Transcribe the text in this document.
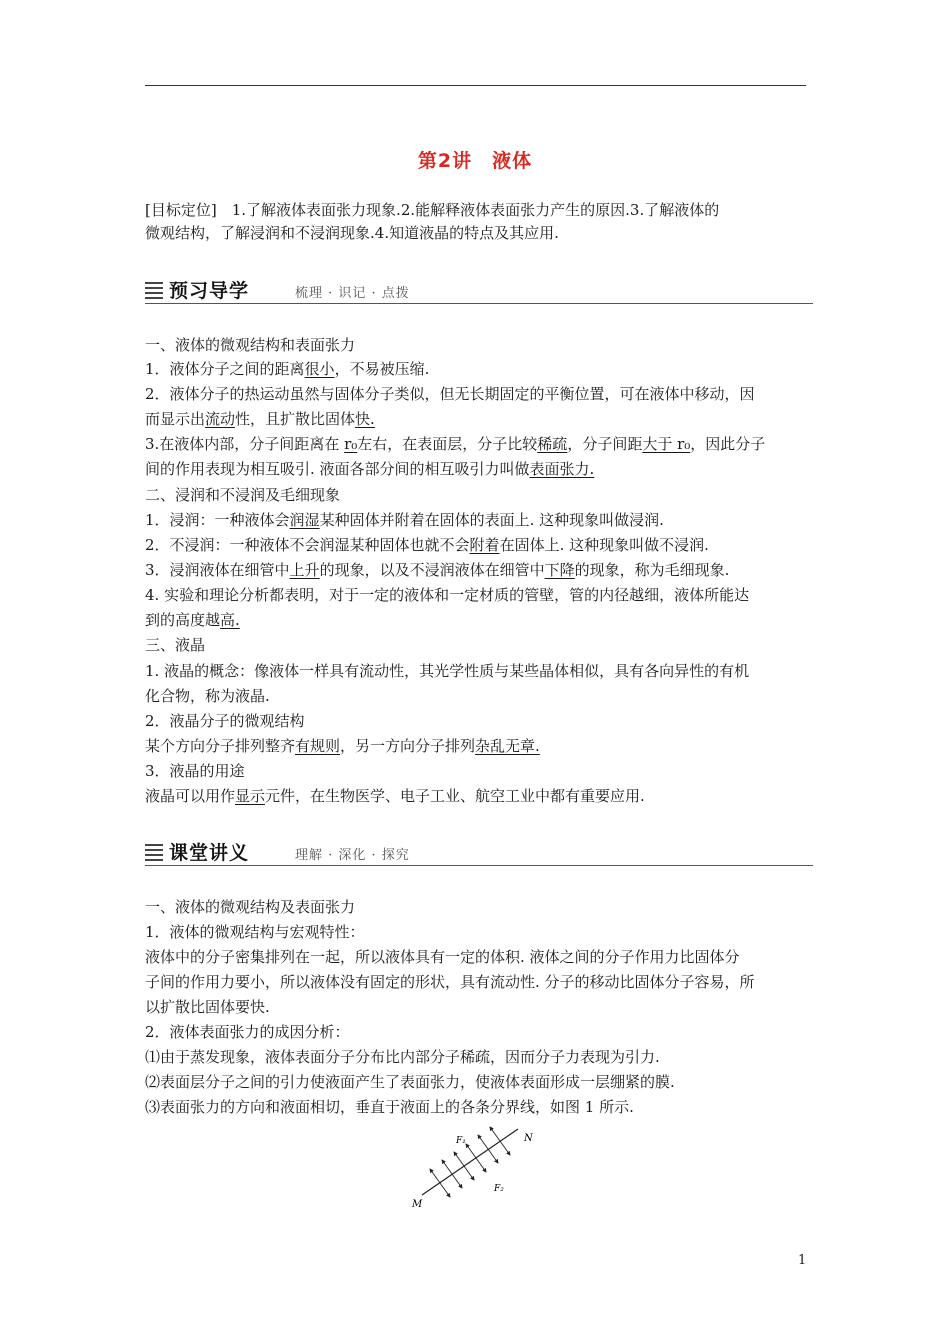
第2讲　液体
[目标定位]　 1.了解液体表面张力现象.2.能解释液体表面张力产生的原因.3.了解液体的
微观结构，了解浸润和不浸润现象.4.知道液晶的特点及其应用.
预习导学	梳理 · 识记 · 点拨
一、液体的微观结构和表面张力
1．液体分子之间的距离很小，不易被压缩.
2．液体分子的热运动虽然与固体分子类似，但无长期固定的平衡位置，可在液体中移动，因
而显示出流动性，且扩散比固体快.
3.在液体内部，分子间距离在 r₀左右，在表面层，分子比较稀疏，分子间距大于 r₀，因此分子
间的作用表现为相互吸引. 液面各部分间的相互吸引力叫做表面张力.
二、浸润和不浸润及毛细现象
1．浸润：一种液体会润湿某种固体并附着在固体的表面上. 这种现象叫做浸润.
2．不浸润：一种液体不会润湿某种固体也就不会附着在固体上. 这种现象叫做不浸润.
3．浸润液体在细管中上升的现象，以及不浸润液体在细管中下降的现象，称为毛细现象.
4. 实验和理论分析都表明，对于一定的液体和一定材质的管壁，管的内径越细，液体所能达
到的高度越高.
三、液晶
1. 液晶的概念：像液体一样具有流动性，其光学性质与某些晶体相似，具有各向异性的有机
化合物，称为液晶.
2．液晶分子的微观结构
某个方向分子排列整齐有规则，另一方向分子排列杂乱无章.
3．液晶的用途
液晶可以用作显示元件，在生物医学、电子工业、航空工业中都有重要应用.
课堂讲义	理解 · 深化 · 探究
一、液体的微观结构及表面张力
1．液体的微观结构与宏观特性：
液体中的分子密集排列在一起，所以液体具有一定的体积. 液体之间的分子作用力比固体分
子间的作用力要小，所以液体没有固定的形状，具有流动性. 分子的移动比固体分子容易，所
以扩散比固体要快.
2．液体表面张力的成因分析：
⑴由于蒸发现象，液体表面分子分布比内部分子稀疏，因而分子力表现为引力.
⑵表面层分子之间的引力使液面产生了表面张力，使液体表面形成一层绷紧的膜.
⑶表面张力的方向和液面相切，垂直于液面上的各条分界线，如图 1 所示.
N
M
F₁
F₂
1
